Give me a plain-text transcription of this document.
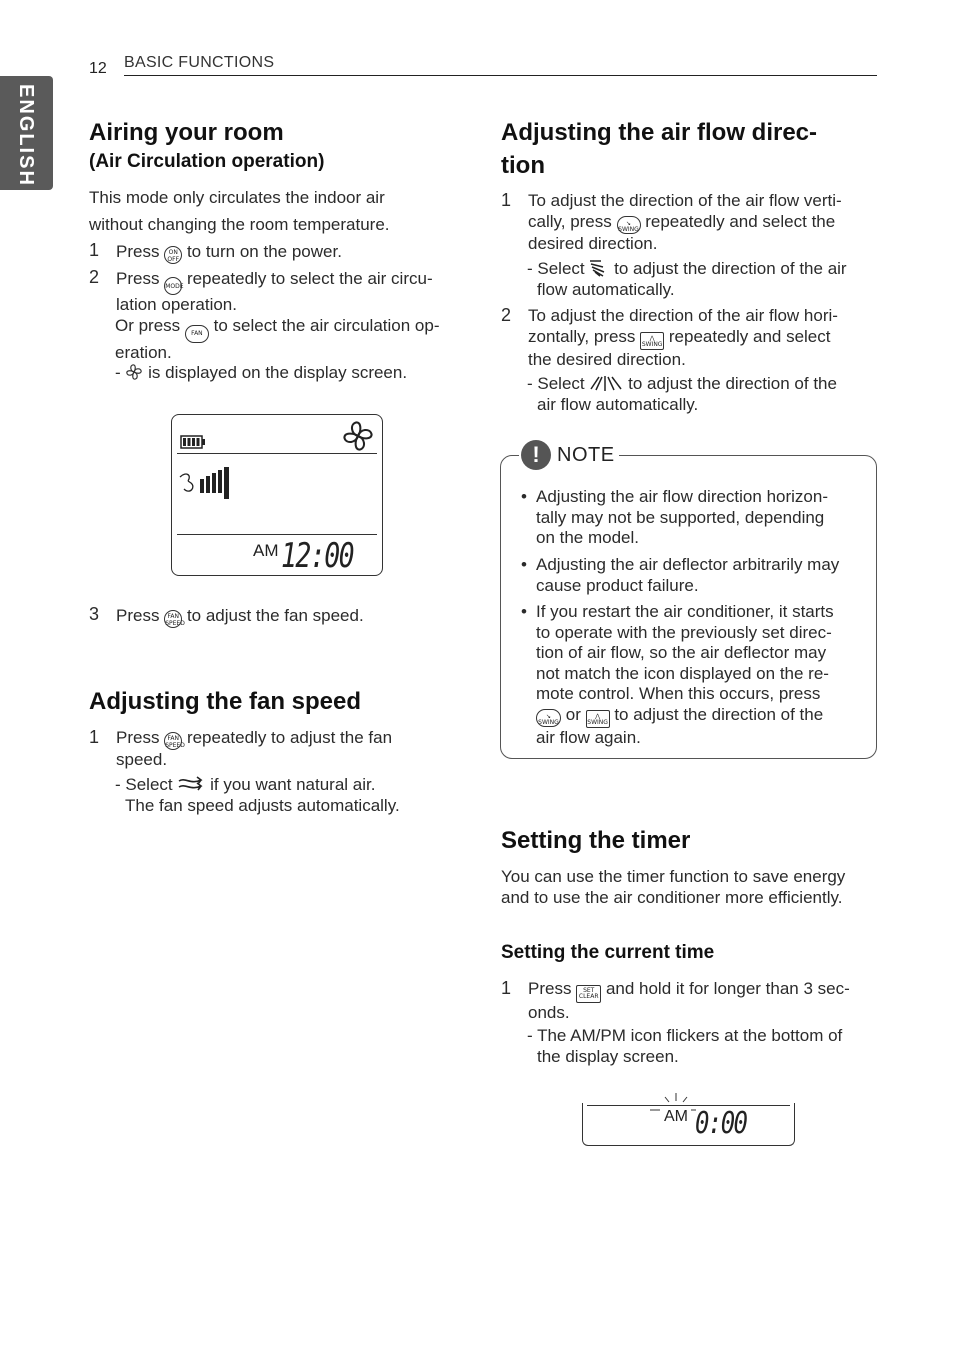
12 BASIC FUNCTIONS
ENGLISH Airing your room
(Air Circulation operation)
This mode only circulates the indoor air
without changing the room temperature.
1 Press ON
OFF to turn on the power.
2 Press MODE repeatedly to select the air circu-
lation operation.
Or press FAN to select the air circulation op-
eration.
- is displayed on the display screen.
AM 12:00
3 Press FAN
SPEED to adjust the fan speed.
Adjusting the fan speed
1 Press FAN
SPEED repeatedly to adjust the fan
speed.
- Select if you want natural air.
The fan speed adjusts automatically.
Adjusting the air flow direc-
tion
1 To adjust the direction of the air flow verti-
cally, press ↘
SWING repeatedly and select the
desired direction.
- Select to adjust the direction of the air
flow automatically.
2 To adjust the direction of the air flow hori-
zontally, press ⋀
SWING repeatedly and select
the desired direction.
- Select	to adjust the direction of the
air flow automatically.
! NOTE
• Adjusting the air flow direction horizon-
tally may not be supported, depending
on the model.
• Adjusting the air deflector arbitrarily may
cause product failure.
• If you restart the air conditioner, it starts
to operate with the previously set direc-
tion of air flow, so the air deflector may
not match the icon displayed on the re-
mote control. When this occurs, press
↘
SWING or ⋀
SWING to adjust the direction of the
air flow again.
Setting the timer
You can use the timer function to save energy
and to use the air conditioner more efficiently.
Setting the current time
1 Press SET
CLEAR and hold it for longer than 3 sec-
onds.
- The AM/PM icon flickers at the bottom of
the display screen.
AM 0:00
